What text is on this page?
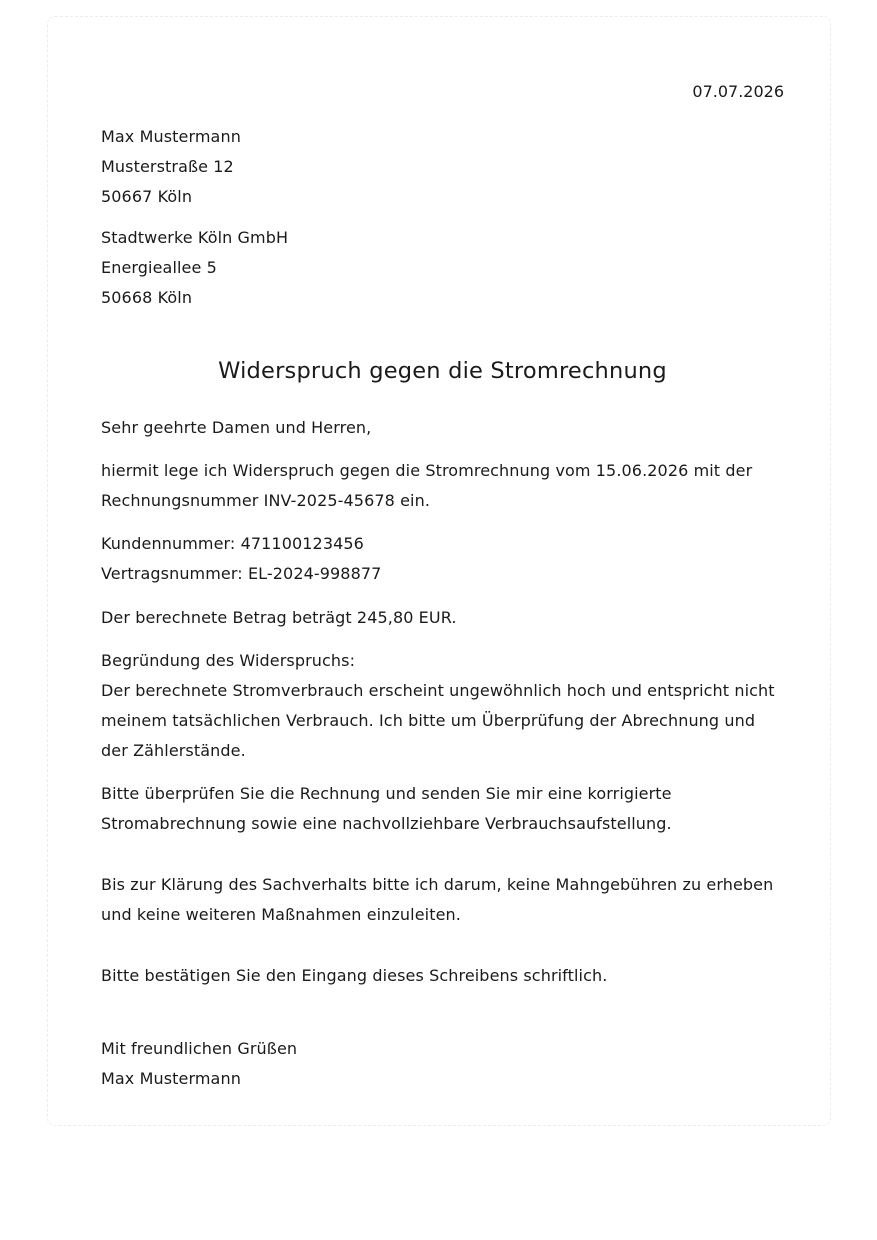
07.07.2026
Max Mustermann
Musterstraße 12
50667 Köln
Stadtwerke Köln GmbH
Energieallee 5
50668 Köln
Widerspruch gegen die Stromrechnung
Sehr geehrte Damen und Herren,
hiermit lege ich Widerspruch gegen die Stromrechnung vom 15.06.2026 mit der
Rechnungsnummer INV-2025-45678 ein.
Kundennummer: 471100123456
Vertragsnummer: EL-2024-998877
Der berechnete Betrag beträgt 245,80 EUR.
Begründung des Widerspruchs:
Der berechnete Stromverbrauch erscheint ungewöhnlich hoch und entspricht nicht
meinem tatsächlichen Verbrauch. Ich bitte um Überprüfung der Abrechnung und
der Zählerstände.
Bitte überprüfen Sie die Rechnung und senden Sie mir eine korrigierte
Stromabrechnung sowie eine nachvollziehbare Verbrauchsaufstellung.
Bis zur Klärung des Sachverhalts bitte ich darum, keine Mahngebühren zu erheben
und keine weiteren Maßnahmen einzuleiten.
Bitte bestätigen Sie den Eingang dieses Schreibens schriftlich.
Mit freundlichen Grüßen
Max Mustermann
